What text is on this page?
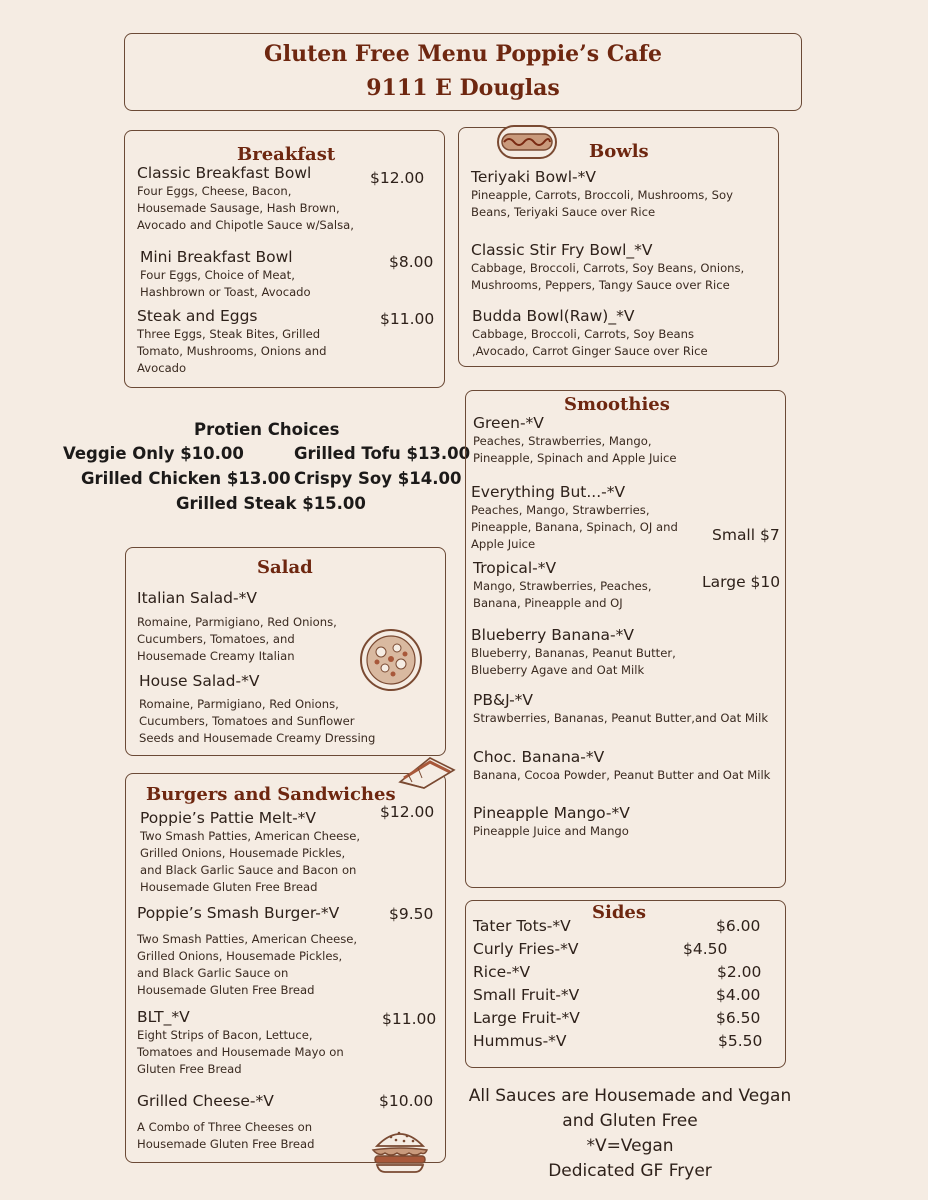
Gluten Free Menu Poppie’s Cafe
9111 E Douglas
Breakfast
Classic Breakfast Bowl
Four Eggs, Cheese, Bacon,
Housemade Sausage, Hash Brown,
Avocado and Chipotle Sauce w/Salsa,
$12.00
Mini Breakfast Bowl
Four Eggs, Choice of Meat,
Hashbrown or Toast, Avocado
$8.00
Steak and Eggs
Three Eggs, Steak Bites, Grilled
Tomato, Mushrooms, Onions and
Avocado
$11.00
Bowls
Teriyaki Bowl-*V
Pineapple, Carrots, Broccoli, Mushrooms, Soy
Beans, Teriyaki Sauce over Rice
Classic Stir Fry Bowl_*V
Cabbage, Broccoli, Carrots, Soy Beans, Onions,
Mushrooms, Peppers, Tangy Sauce over Rice
Budda Bowl(Raw)_*V
Cabbage, Broccoli, Carrots, Soy Beans
,Avocado, Carrot Ginger Sauce over Rice
Protien Choices
Veggie Only $10.00	Grilled Tofu $13.00
Grilled Chicken $13.00 Crispy Soy $14.00
Grilled Steak $15.00
Salad
Italian Salad-*V
Romaine, Parmigiano, Red Onions,
Cucumbers, Tomatoes, and
Housemade Creamy Italian
House Salad-*V
Romaine, Parmigiano, Red Onions,
Cucumbers, Tomatoes and Sunflower
Seeds and Housemade Creamy Dressing
Burgers and Sandwiches
Poppie’s Pattie Melt-*V
Two Smash Patties, American Cheese,
Grilled Onions, Housemade Pickles,
and Black Garlic Sauce and Bacon on
Housemade Gluten Free Bread
$12.00
Poppie’s Smash Burger-*V
Two Smash Patties, American Cheese,
Grilled Onions, Housemade Pickles,
and Black Garlic Sauce on
Housemade Gluten Free Bread
$9.50
BLT_*V
Eight Strips of Bacon, Lettuce,
Tomatoes and Housemade Mayo on
Gluten Free Bread
$11.00
Grilled Cheese-*V
A Combo of Three Cheeses on
Housemade Gluten Free Bread
$10.00
Smoothies
Small $7
Large $10
Green-*V
Peaches, Strawberries, Mango,
Pineapple, Spinach and Apple Juice
Everything But...-*V
Peaches, Mango, Strawberries,
Pineapple, Banana, Spinach, OJ and
Apple Juice
Tropical-*V
Mango, Strawberries, Peaches,
Banana, Pineapple and OJ
Blueberry Banana-*V
Blueberry, Bananas, Peanut Butter,
Blueberry Agave and Oat Milk
PB&J-*V
Strawberries, Bananas, Peanut Butter,and Oat Milk
Choc. Banana-*V
Banana, Cocoa Powder, Peanut Butter and Oat Milk
Pineapple Mango-*V
Pineapple Juice and Mango
Sides
Tater Tots-*V	$6.00
Curly Fries-*V	$4.50
Rice-*V	$2.00
Small Fruit-*V	$4.00
Large Fruit-*V	$6.50
Hummus-*V	$5.50
All Sauces are Housemade and Vegan
and Gluten Free
*V=Vegan
Dedicated GF Fryer
